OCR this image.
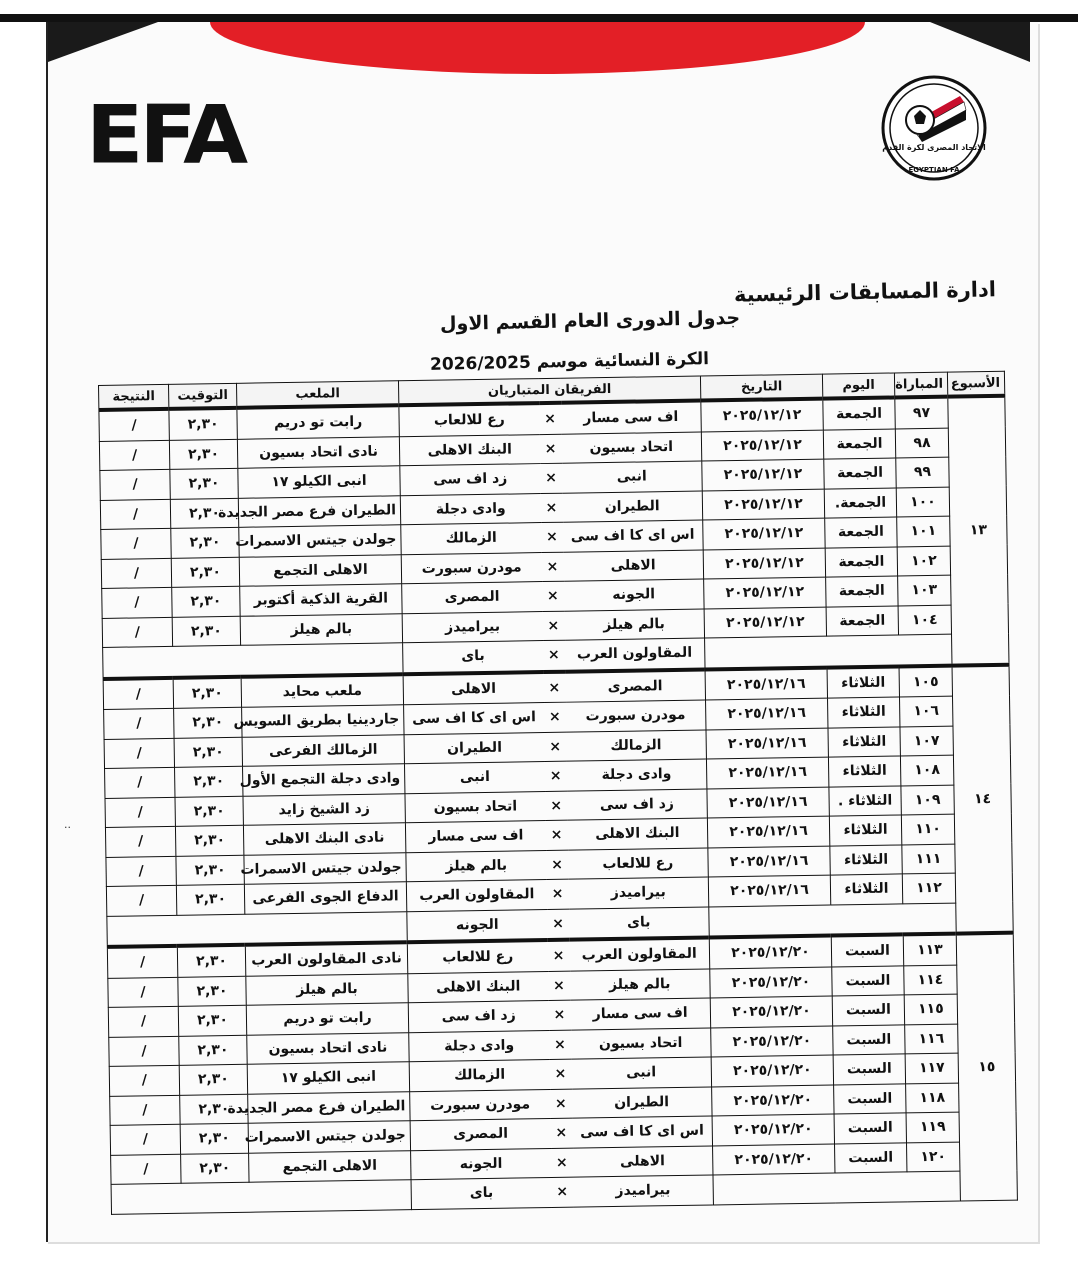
EFA	الاتحاد المصرى لكرة القدم
EGYPTIAN FA
ادارة المسابقات الرئيسية
جدول الدورى العام القسم الاول
الكرة النسائية موسم 2026/2025
..
الأسبوع	المباراة	اليوم	التاريخ	الفريقان المتباريان			الملعب	التوقيت	النتيجة
١٣	٩٧	الجمعة	٢٠٢٥/١٢/١٢	اف سى مسار	×	رع للالعاب	رابت تو دريم	٢,٣٠	/
	٩٨	الجمعة	٢٠٢٥/١٢/١٢	اتحاد بسيون	×	البنك الاهلى	نادى اتحاد بسيون	٢,٣٠	/
	٩٩	الجمعة	٢٠٢٥/١٢/١٢	انبى	×	زد اف سى	انبى الكيلو ١٧	٢,٣٠	/
	١٠٠	الجمعة.	٢٠٢٥/١٢/١٢	الطيران	×	وادى دجلة	الطيران فرع مصر الجديدة	٢,٣٠	/
	١٠١	الجمعة	٢٠٢٥/١٢/١٢	اس اى كا اف سى	×	الزمالك	جولدن جيتس الاسمرات	٢,٣٠	/
	١٠٢	الجمعة	٢٠٢٥/١٢/١٢	الاهلى	×	مودرن سبورت	الاهلى التجمع	٢,٣٠	/
	١٠٣	الجمعة	٢٠٢٥/١٢/١٢	الجونه	×	المصرى	القرية الذكية أكتوبر	٢,٣٠	/
	١٠٤	الجمعة	٢٠٢٥/١٢/١٢	بالم هيلز	×	بيراميدز	بالم هيلز	٢,٣٠	/
				المقاولون العرب	×	باى			
١٤	١٠٥	الثلاثاء	٢٠٢٥/١٢/١٦	المصرى	×	الاهلى	ملعب محايد	٢,٣٠	/
	١٠٦	الثلاثاء	٢٠٢٥/١٢/١٦	مودرن سبورت	×	اس اى كا اف سى	جاردينيا بطريق السويس	٢,٣٠	/
	١٠٧	الثلاثاء	٢٠٢٥/١٢/١٦	الزمالك	×	الطيران	الزمالك الفرعى	٢,٣٠	/
	١٠٨	الثلاثاء	٢٠٢٥/١٢/١٦	وادى دجلة	×	انبى	وادى دجلة التجمع الأول	٢,٣٠	/
	١٠٩	الثلاثاء .	٢٠٢٥/١٢/١٦	زد اف سى	×	اتحاد بسيون	زد الشيخ زايد	٢,٣٠	/
	١١٠	الثلاثاء	٢٠٢٥/١٢/١٦	البنك الاهلى	×	اف سى مسار	نادى البنك الاهلى	٢,٣٠	/
	١١١	الثلاثاء	٢٠٢٥/١٢/١٦	رع للالعاب	×	بالم هيلز	جولدن جيتس الاسمرات	٢,٣٠	/
	١١٢	الثلاثاء	٢٠٢٥/١٢/١٦	بيراميدز	×	المقاولون العرب	الدفاع الجوى الفرعى	٢,٣٠	/
				باى	×	الجونه			
١٥	١١٣	السبت	٢٠٢٥/١٢/٢٠	المقاولون العرب	×	رع للالعاب	نادى المقاولون العرب	٢,٣٠	/
	١١٤	السبت	٢٠٢٥/١٢/٢٠	بالم هيلز	×	البنك الاهلى	بالم هيلز	٢,٣٠	/
	١١٥	السبت	٢٠٢٥/١٢/٢٠	اف سى مسار	×	زد اف سى	رابت تو دريم	٢,٣٠	/
	١١٦	السبت	٢٠٢٥/١٢/٢٠	اتحاد بسيون	×	وادى دجلة	نادى اتحاد بسيون	٢,٣٠	/
	١١٧	السبت	٢٠٢٥/١٢/٢٠	انبى	×	الزمالك	انبى الكيلو ١٧	٢,٣٠	/
	١١٨	السبت	٢٠٢٥/١٢/٢٠	الطيران	×	مودرن سبورت	الطيران فرع مصر الجديدة	٢,٣٠	/
	١١٩	السبت	٢٠٢٥/١٢/٢٠	اس اى كا اف سى	×	المصرى	جولدن جيتس الاسمرات	٢,٣٠	/
	١٢٠	السبت	٢٠٢٥/١٢/٢٠	الاهلى	×	الجونه	الاهلى التجمع	٢,٣٠	/
				بيراميدز	×	باى			
